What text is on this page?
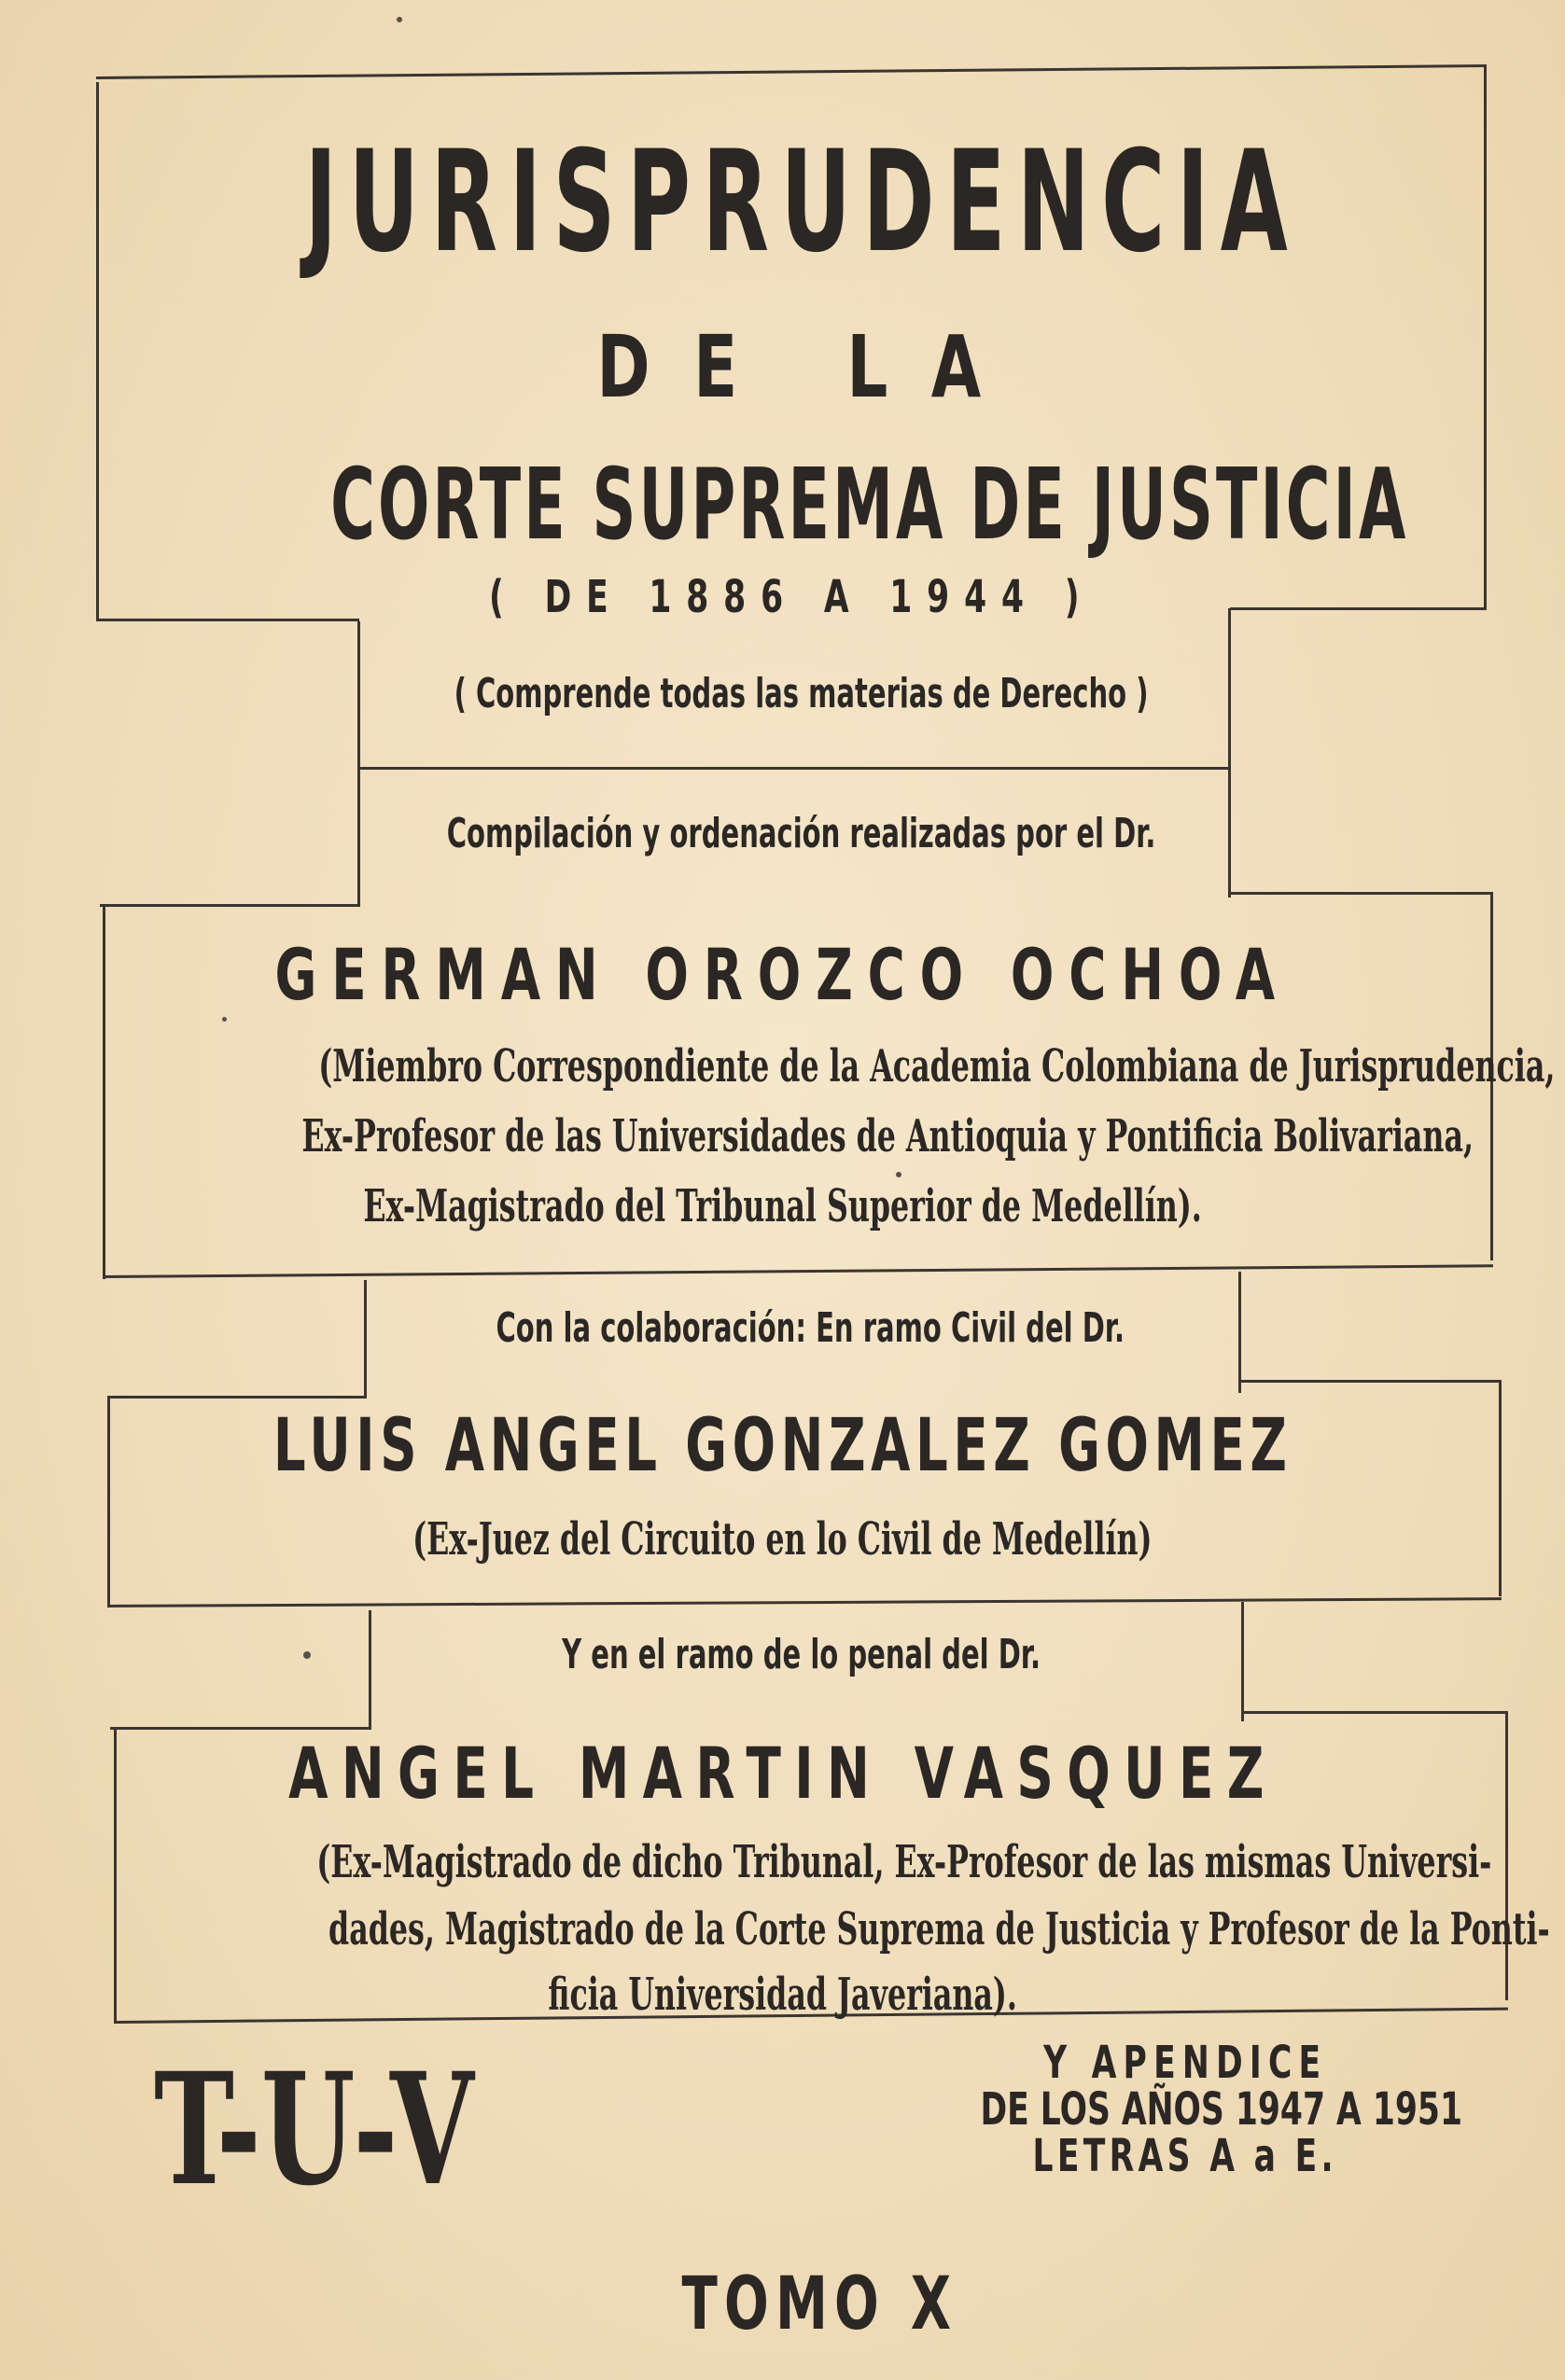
JURISPRUDENCIA
DE LA
CORTE SUPREMA DE JUSTICIA
( DE 1886 A 1944 )
( Comprende todas las materias de Derecho )
Compilación y ordenación realizadas por el Dr.
GERMAN OROZCO OCHOA
(Miembro Correspondiente de la Academia Colombiana de Jurisprudencia,
Ex-Profesor de las Universidades de Antioquia y Pontificia Bolivariana,
Ex-Magistrado del Tribunal Superior de Medellín).
Con la colaboración: En ramo Civil del Dr.
LUIS ANGEL GONZALEZ GOMEZ
(Ex-Juez del Circuito en lo Civil de Medellín)
Y en el ramo de lo penal del Dr.
ANGEL MARTIN VASQUEZ
(Ex-Magistrado de dicho Tribunal, Ex-Profesor de las mismas Universi-
dades, Magistrado de la Corte Suprema de Justicia y Profesor de la Ponti-
ficia Universidad Javeriana).
T-U-V	Y APENDICE
DE LOS AÑOS 1947 A 1951
LETRAS A a E.
TOMO X
